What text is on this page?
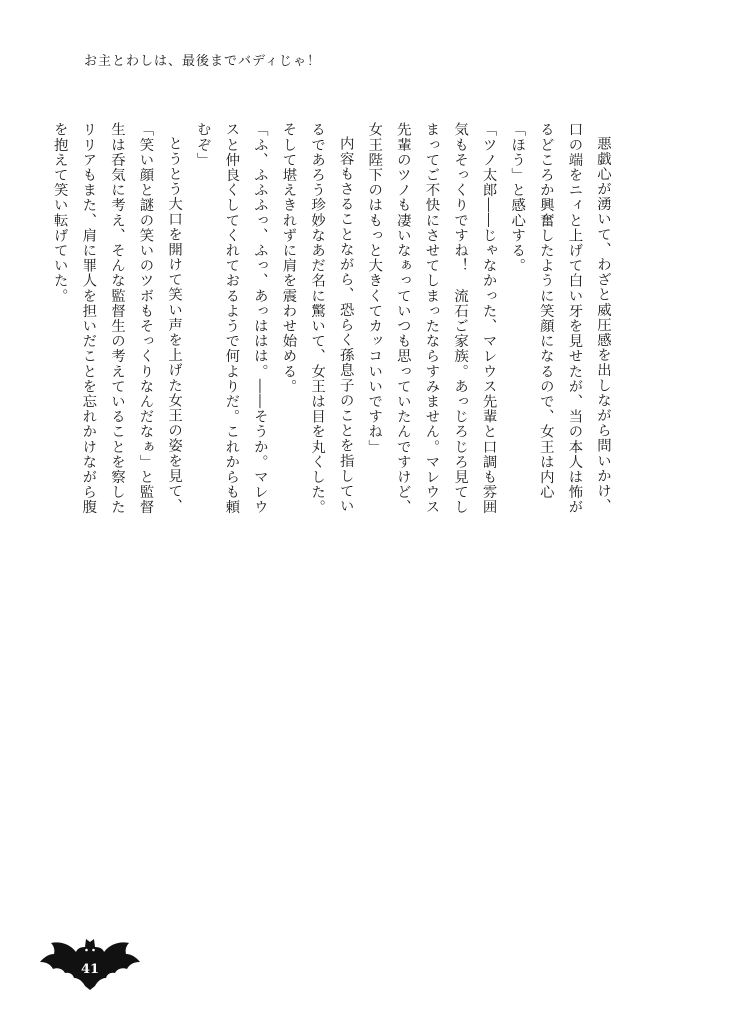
お主とわしは、最後までバディじゃ！

悪戯心が湧いて、わざと威圧感を出しながら問いかけ、口の端をニィと上げて白い牙を見せたが、当の本人は怖がるどころか興奮したように笑顔になるので、女王は内心「ほう」と感心する。

「ツノ太郎――じゃなかった、マレウス先輩と口調も雰囲気もそっくりですね！　流石ご家族。あっじろじろ見てしまってご不快にさせてしまったならすみません。マレウス先輩のツノも凄いなぁっていつも思っていたんですけど、女王陛下のはもっと大きくてカッコいいですね」

内容もさることながら、恐らく孫息子のことを指しているであろう珍妙なあだ名に驚いて、女王は目を丸くした。そして堪えきれずに肩を震わせ始める。

「ふ、ふふふっ、ふっ、あっははは。――そうか。マレウスと仲良くしてくれておるようで何よりだ。これからも頼むぞ」

とうとう大口を開けて笑い声を上げた女王の姿を見て、「笑い顔と謎の笑いのツボもそっくりなんだなぁ」と監督生は呑気に考え、そんな監督生の考えていることを察したリリアもまた、肩に罪人を担いだことを忘れかけながら腹を抱えて笑い転げていた。

41
